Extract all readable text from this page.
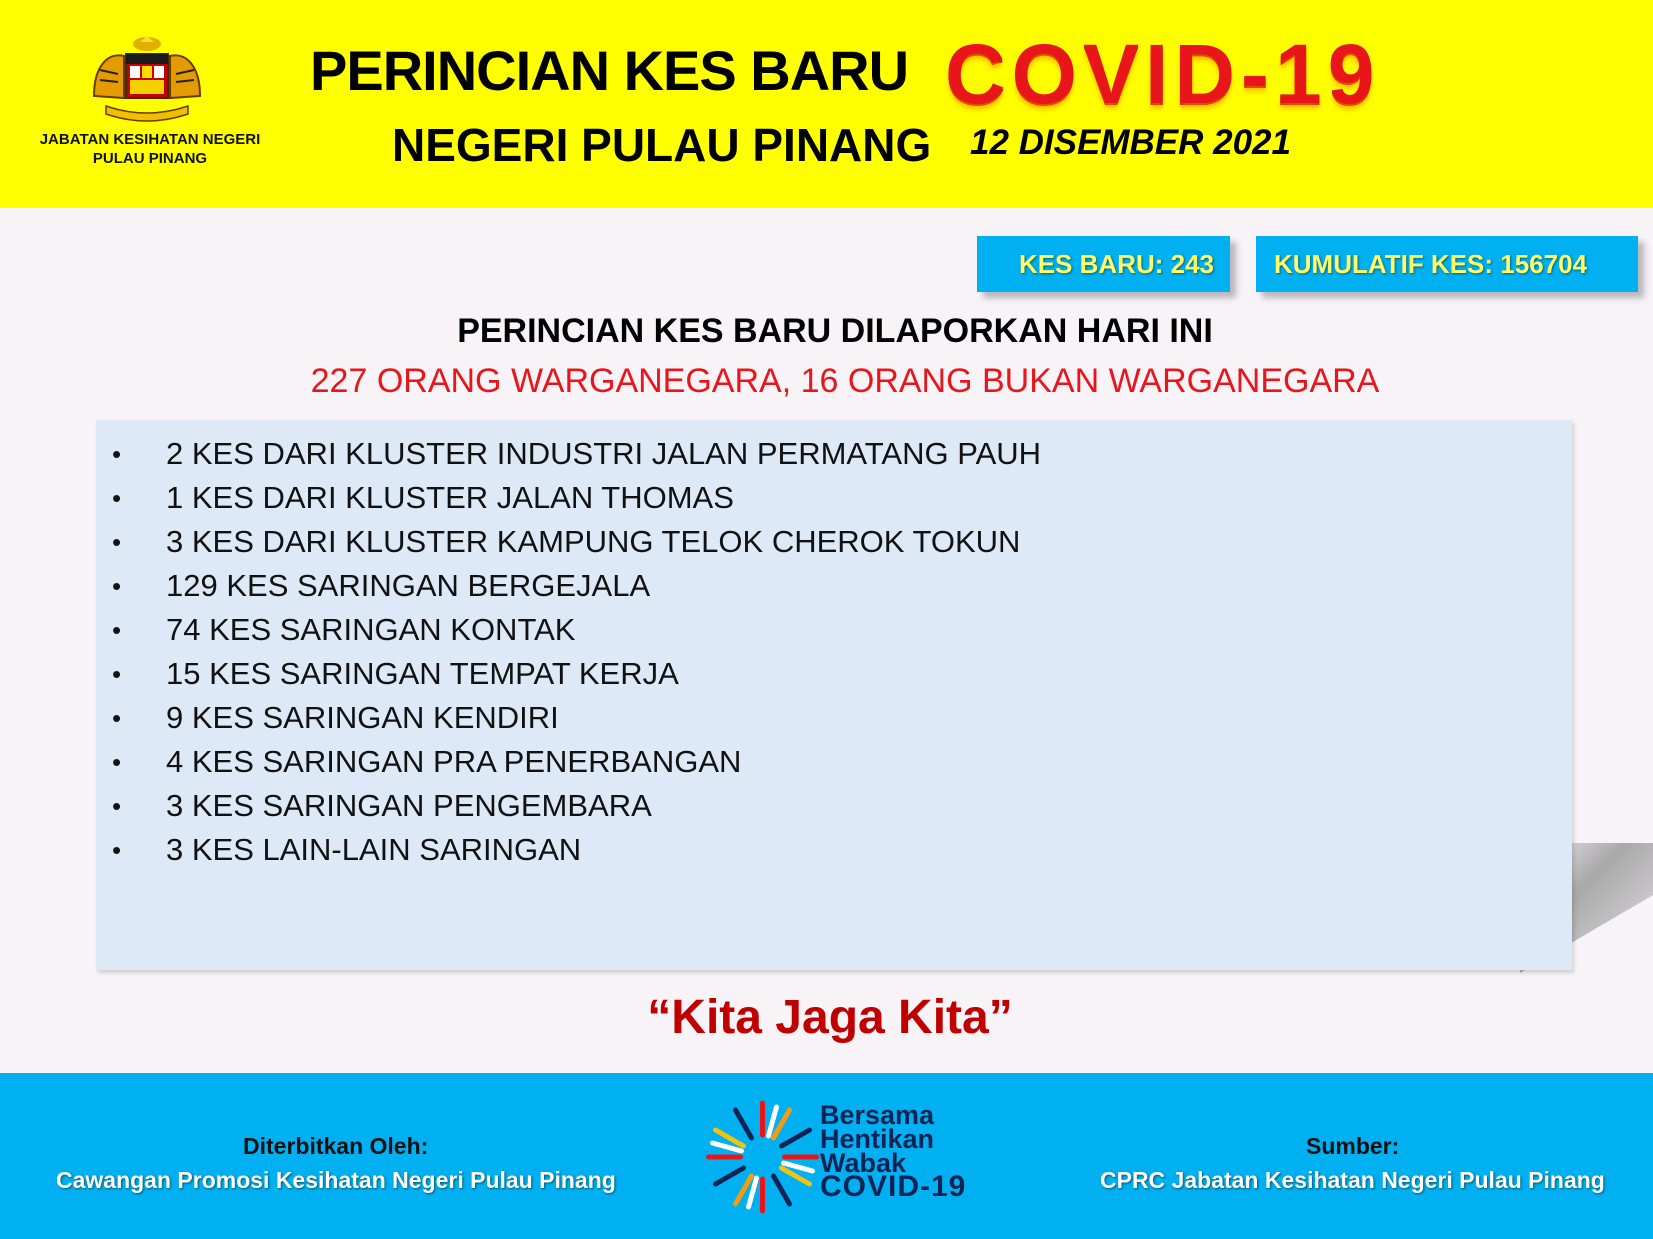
JABATAN KESIHATAN NEGERI
PULAU PINANG
PERINCIAN KES BARU COVID-19
NEGERI PULAU PINANG 12 DISEMBER 2021
KES BARU: 243	KUMULATIF KES: 156704
PERINCIAN KES BARU DILAPORKAN HARI INI
227 ORANG WARGANEGARA, 16 ORANG BUKAN WARGANEGARA
• 2 KES DARI KLUSTER INDUSTRI JALAN PERMATANG PAUH
• 1 KES DARI KLUSTER JALAN THOMAS
• 3 KES DARI KLUSTER KAMPUNG TELOK CHEROK TOKUN
• 129 KES SARINGAN BERGEJALA
• 74 KES SARINGAN KONTAK
• 15 KES SARINGAN TEMPAT KERJA
• 9 KES SARINGAN KENDIRI
• 4 KES SARINGAN PRA PENERBANGAN
• 3 KES SARINGAN PENGEMBARA
• 3 KES LAIN-LAIN SARINGAN
“Kita Jaga Kita”
Diterbitkan Oleh:
Cawangan Promosi Kesihatan Negeri Pulau Pinang
Bersama
Hentikan
Wabak
COVID-19
Sumber:
CPRC Jabatan Kesihatan Negeri Pulau Pinang
